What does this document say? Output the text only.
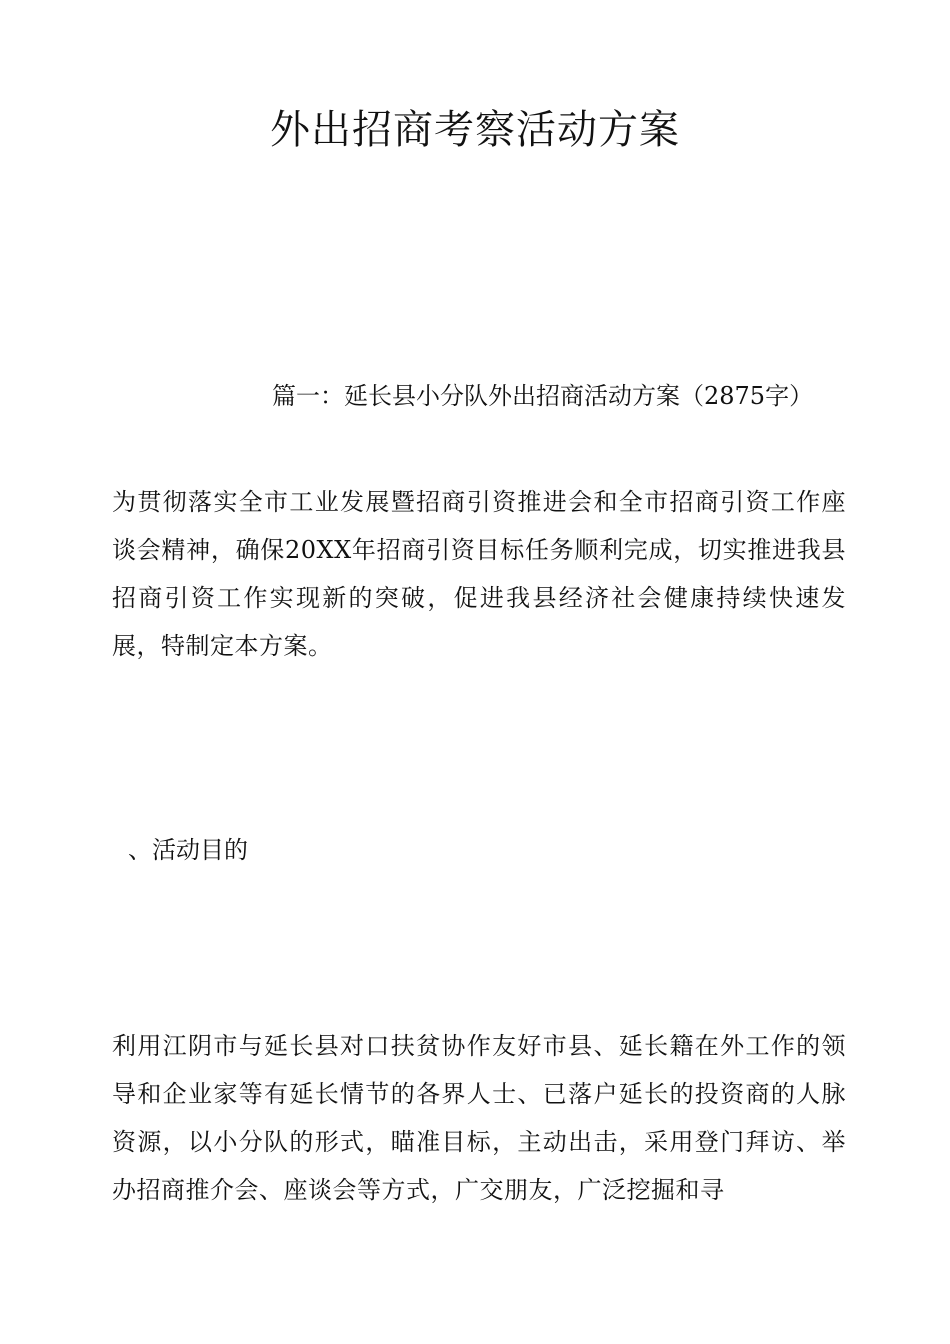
外出招商考察活动方案
篇一：延长县小分队外出招商活动方案（2875字）

为贯彻落实全市工业发展暨招商引资推进会和全市招商引资工作座谈会精神，确保20XX年招商引资目标任务顺利完成，切实推进我县招商引资工作实现新的突破，促进我县经济社会健康持续快速发展，特制定本方案。

、活动目的

利用江阴市与延长县对口扶贫协作友好市县、延长籍在外工作的领导和企业家等有延长情节的各界人士、已落户延长的投资商的人脉资源，以小分队的形式，瞄准目标，主动出击，采用登门拜访、举办招商推介会、座谈会等方式，广交朋友，广泛挖掘和寻
